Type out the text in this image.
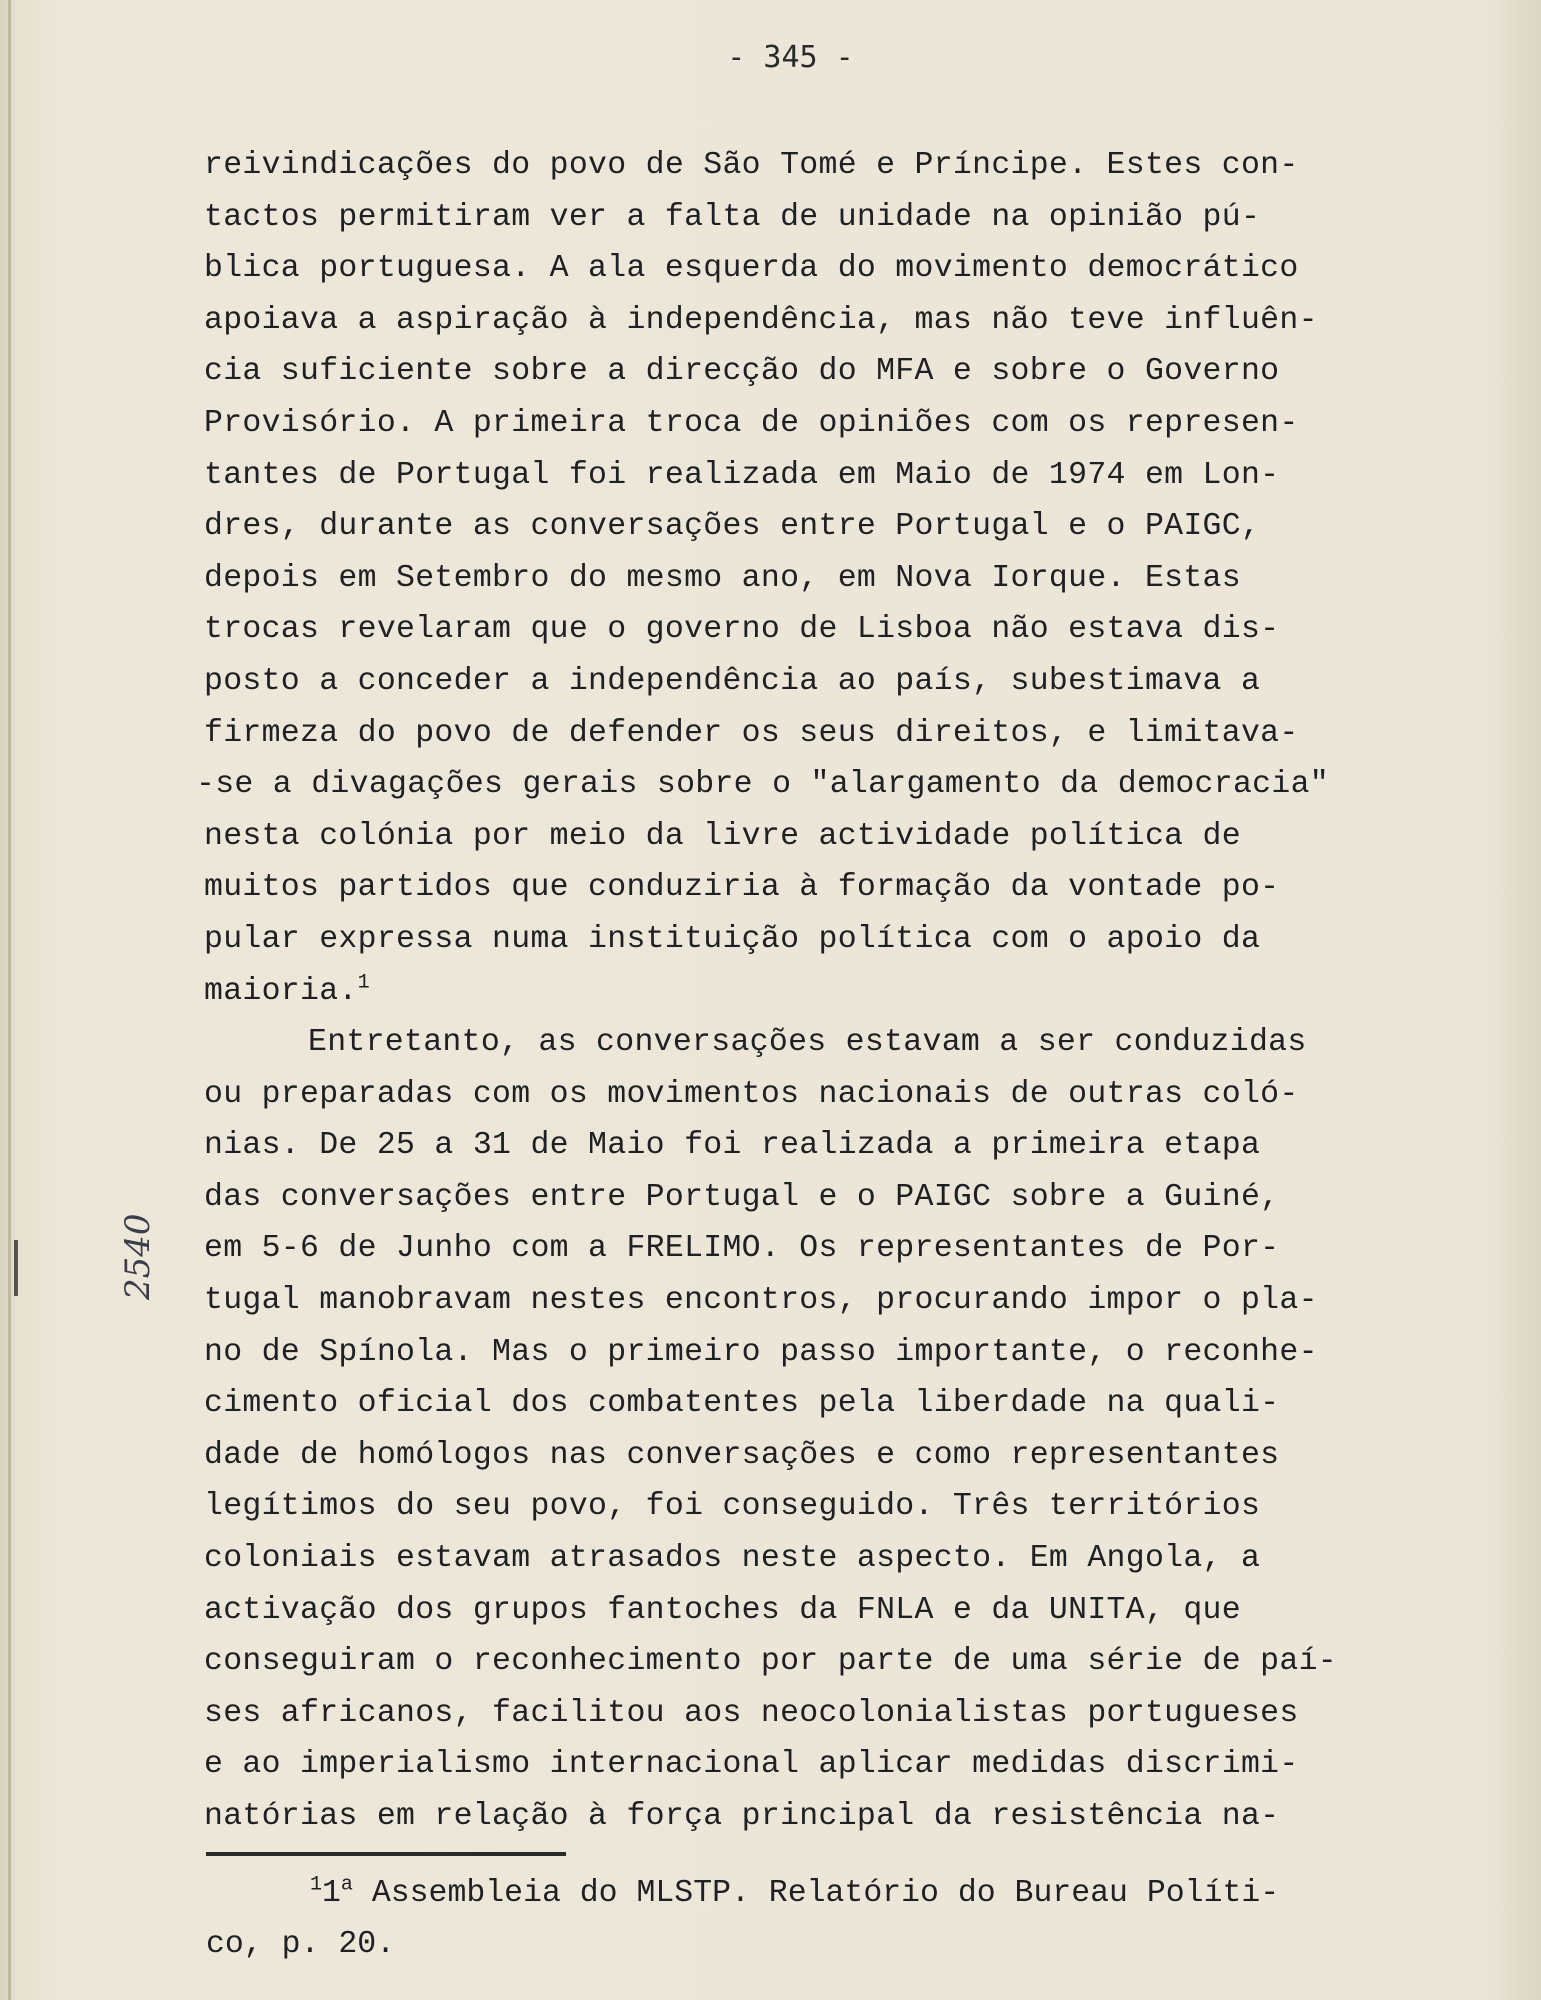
- 345 -
reivindicações do povo de São Tomé e Príncipe. Estes con-
tactos permitiram ver a falta de unidade na opinião pú-
blica portuguesa. A ala esquerda do movimento democrático
apoiava a aspiração à independência, mas não teve influên-
cia suficiente sobre a direcção do MFA e sobre o Governo
Provisório. A primeira troca de opiniões com os represen-
tantes de Portugal foi realizada em Maio de 1974 em Lon-
dres, durante as conversações entre Portugal e o PAIGC,
depois em Setembro do mesmo ano, em Nova Iorque. Estas
trocas revelaram que o governo de Lisboa não estava dis-
posto a conceder a independência ao país, subestimava a
firmeza do povo de defender os seus direitos, e limitava-
-se a divagações gerais sobre o "alargamento da democracia"
nesta colónia por meio da livre actividade política de
muitos partidos que conduziria à formação da vontade po-
pular expressa numa instituição política com o apoio da
maioria.$^1$
Entretanto, as conversações estavam a ser conduzidas
ou preparadas com os movimentos nacionais de outras coló-
nias. De 25 a 31 de Maio foi realizada a primeira etapa
das conversações entre Portugal e o PAIGC sobre a Guiné,
em 5-6 de Junho com a FRELIMO. Os representantes de Por-
tugal manobravam nestes encontros, procurando impor o pla-
no de Spínola. Mas o primeiro passo importante, o reconhe-
cimento oficial dos combatentes pela liberdade na quali-
dade de homólogos nas conversações e como representantes
legítimos do seu povo, foi conseguido. Três territórios
coloniais estavam atrasados neste aspecto. Em Angola, a
activação dos grupos fantoches da FNLA e da UNITA, que
conseguiram o reconhecimento por parte de uma série de paí-
ses africanos, facilitou aos neocolonialistas portugueses
e ao imperialismo internacional aplicar medidas discrimi-
natórias em relação à força principal da resistência na-
$^1$1$^a$ Assembleia do MLSTP. Relatório do Bureau Políti-
co, p. 20.
2540
